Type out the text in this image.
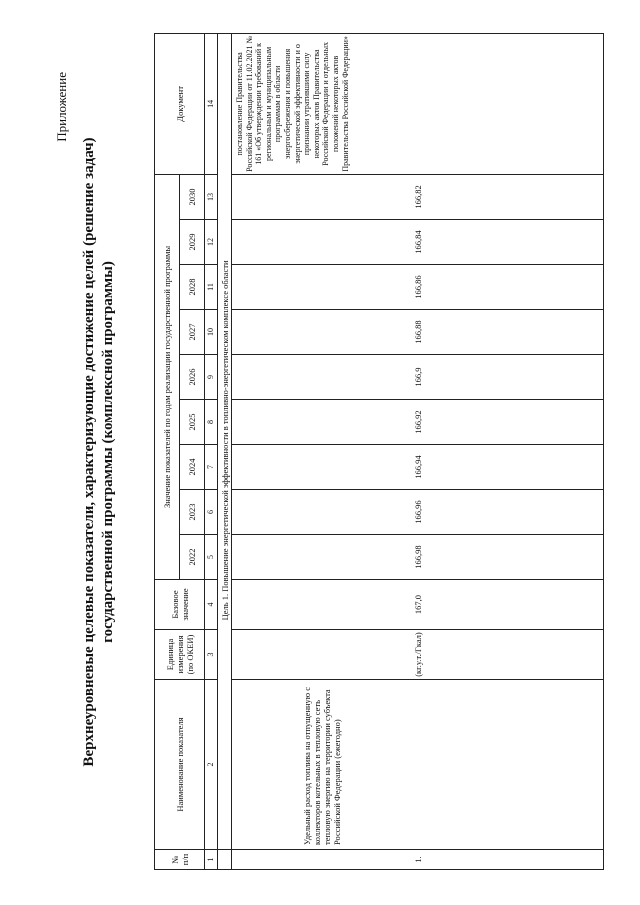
Приложение
Верхнеуровневые целевые показатели, характеризующие достижение целей (решение задач) государственной программы (комплексной программы)
№ п/п	Наименование показателя	Единица измерения (по ОКЕИ)	Базовое значение	Значение показателей по годам реализации государственной программы									Документ
				2022	2023	2024	2025	2026	2027	2028	2029	2030	
1	2	3	4	5	6	7	8	9	10	11	12	13	14
	Цель 1. Повышение энергетической эффективности в топливно-энергетическом комплексе области												
1.	Удельный расход топлива на отпущенную с коллекторов котельных в тепловую сеть тепловую энергию на территории субъекта Российской Федерации (ежегодно)	(кг.у.т./Гкал)	167,0	166,98	166,96	166,94	166,92	166,9	166,88	166,86	166,84	166,82	постановление Правительства Российской Федерации от 11.02.2021 № 161 «Об утверждении требований к региональным и муниципальным программам в области энергосбережения и повышения энергетической эффективности и о признании утратившими силу некоторых актов Правительства Российской Федерации и отдельных положений некоторых актов Правительства Российской Федерации»
